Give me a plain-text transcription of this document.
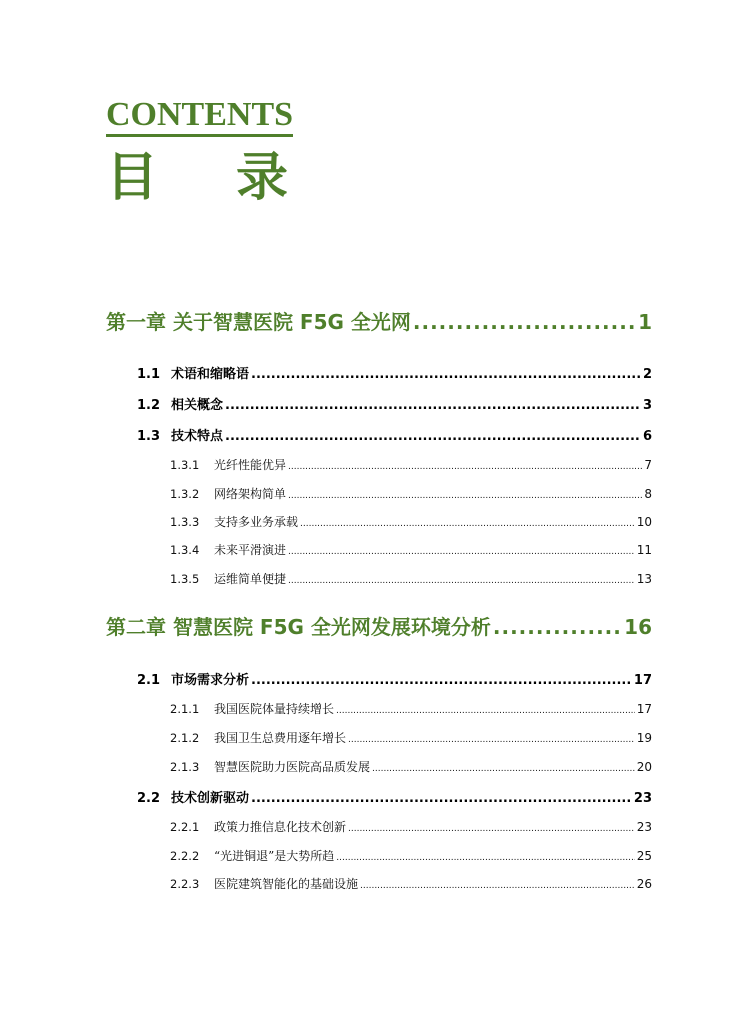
CONTENTS
目 录
第一章 关于智慧医院 F5G 全光网 .....	1
1.1 术语和缩略语 .....	2
1.2 相关概念 .....	3
1.3 技术特点 .....	6
1.3.1	光纤性能优异 .....	7
1.3.2	网络架构简单 .....	8
1.3.3	支持多业务承载 .....	10
1.3.4	未来平滑演进 .....	11
1.3.5	运维简单便捷 .....	13
第二章 智慧医院 F5G 全光网发展环境分析 .....	16
2.1 市场需求分析 .....	17
2.1.1	我国医院体量持续增长 .....	17
2.1.2	我国卫生总费用逐年增长 .....	19
2.1.3	智慧医院助力医院高品质发展 .....	20
2.2 技术创新驱动 .....	23
2.2.1	政策力推信息化技术创新 .....	23
2.2.2	“光进铜退”是大势所趋 .....	25
2.2.3	医院建筑智能化的基础设施 .....	26
